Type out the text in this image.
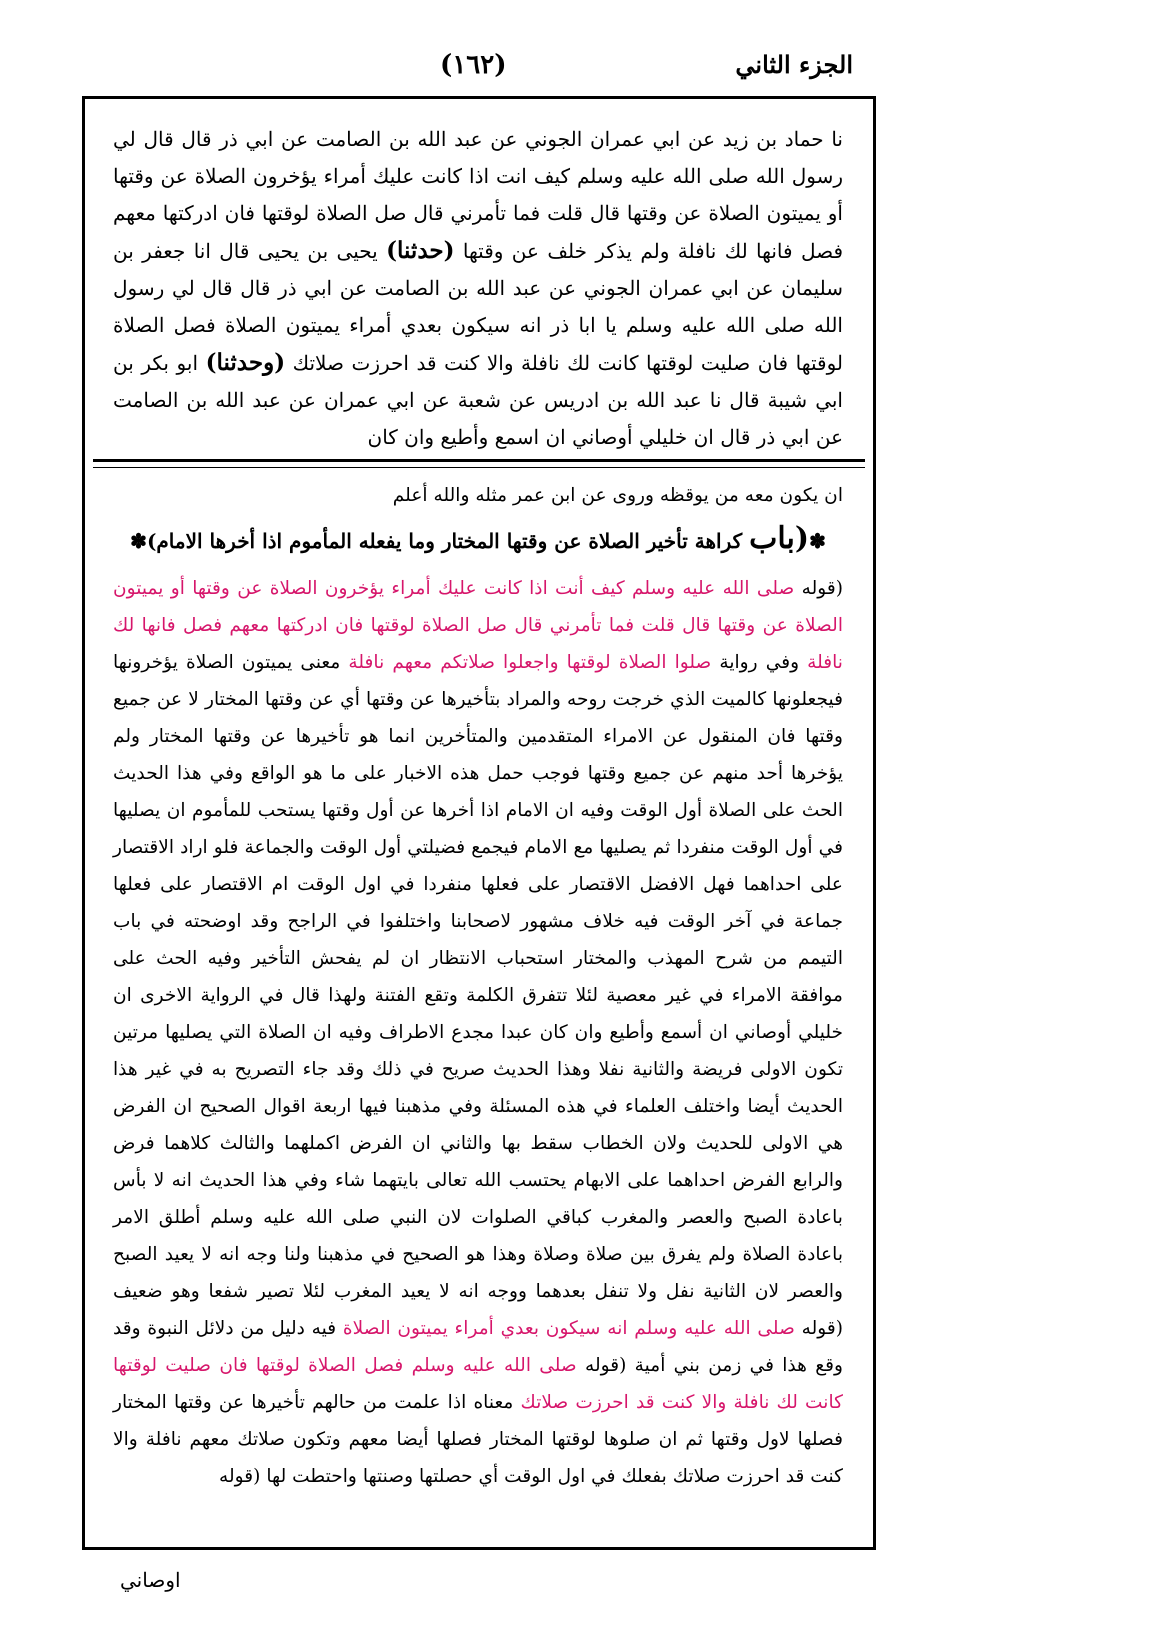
الجزء الثاني
(١٦٢)

نا حماد بن زيد عن ابي عمران الجوني عن عبد الله بن الصامت عن ابي ذر قال قال لي رسول الله صلى الله عليه وسلم كيف انت اذا كانت عليك أمراء يؤخرون الصلاة عن وقتها أو يميتون الصلاة عن وقتها قال قلت فما تأمرني قال صل الصلاة لوقتها فان ادركتها معهم فصل فانها لك نافلة ولم يذكر خلف عن وقتها (حدثنا) يحيى بن يحيى قال انا جعفر بن سليمان عن ابي عمران الجوني عن عبد الله بن الصامت عن ابي ذر قال قال لي رسول الله صلى الله عليه وسلم يا ابا ذر انه سيكون بعدي أمراء يميتون الصلاة فصل الصلاة لوقتها فان صليت لوقتها كانت لك نافلة والا كنت قد احرزت صلاتك (وحدثنا) ابو بكر بن ابي شيبة قال نا عبد الله بن ادريس عن شعبة عن ابي عمران عن عبد الله بن الصامت عن ابي ذر قال ان خليلي أوصاني ان اسمع وأطيع وان كان

ان يكون معه من يوقظه وروى عن ابن عمر مثله والله أعلم

✽(باب كراهة تأخير الصلاة عن وقتها المختار وما يفعله المأموم اذا أخرها الامام)✽

(قوله صلى الله عليه وسلم كيف أنت اذا كانت عليك أمراء يؤخرون الصلاة عن وقتها أو يميتون الصلاة عن وقتها قال قلت فما تأمرني قال صل الصلاة لوقتها فان ادركتها معهم فصل فانها لك نافلة وفي رواية صلوا الصلاة لوقتها واجعلوا صلاتكم معهم نافلة معنى يميتون الصلاة يؤخرونها فيجعلونها كالميت الذي خرجت روحه والمراد بتأخيرها عن وقتها أي عن وقتها المختار لا عن جميع وقتها فان المنقول عن الامراء المتقدمين والمتأخرين انما هو تأخيرها عن وقتها المختار ولم يؤخرها أحد منهم عن جميع وقتها فوجب حمل هذه الاخبار على ما هو الواقع وفي هذا الحديث الحث على الصلاة أول الوقت وفيه ان الامام اذا أخرها عن أول وقتها يستحب للمأموم ان يصليها في أول الوقت منفردا ثم يصليها مع الامام فيجمع فضيلتي أول الوقت والجماعة فلو اراد الاقتصار على احداهما فهل الافضل الاقتصار على فعلها منفردا في اول الوقت ام الاقتصار على فعلها جماعة في آخر الوقت فيه خلاف مشهور لاصحابنا واختلفوا في الراجح وقد اوضحته في باب التيمم من شرح المهذب والمختار استحباب الانتظار ان لم يفحش التأخير وفيه الحث على موافقة الامراء في غير معصية لئلا تتفرق الكلمة وتقع الفتنة ولهذا قال في الرواية الاخرى ان خليلي أوصاني ان أسمع وأطيع وان كان عبدا مجدع الاطراف وفيه ان الصلاة التي يصليها مرتين تكون الاولى فريضة والثانية نفلا وهذا الحديث صريح في ذلك وقد جاء التصريح به في غير هذا الحديث أيضا واختلف العلماء في هذه المسئلة وفي مذهبنا فيها اربعة اقوال الصحيح ان الفرض هي الاولى للحديث ولان الخطاب سقط بها والثاني ان الفرض اكملهما والثالث كلاهما فرض والرابع الفرض احداهما على الابهام يحتسب الله تعالى بايتهما شاء وفي هذا الحديث انه لا بأس باعادة الصبح والعصر والمغرب كباقي الصلوات لان النبي صلى الله عليه وسلم أطلق الامر باعادة الصلاة ولم يفرق بين صلاة وصلاة وهذا هو الصحيح في مذهبنا ولنا وجه انه لا يعيد الصبح والعصر لان الثانية نفل ولا تنفل بعدهما ووجه انه لا يعيد المغرب لئلا تصير شفعا وهو ضعيف (قوله صلى الله عليه وسلم انه سيكون بعدي أمراء يميتون الصلاة فيه دليل من دلائل النبوة وقد وقع هذا في زمن بني أمية (قوله صلى الله عليه وسلم فصل الصلاة لوقتها فان صليت لوقتها كانت لك نافلة والا كنت قد احرزت صلاتك معناه اذا علمت من حالهم تأخيرها عن وقتها المختار فصلها لاول وقتها ثم ان صلوها لوقتها المختار فصلها أيضا معهم وتكون صلاتك معهم نافلة والا كنت قد احرزت صلاتك بفعلك في اول الوقت أي حصلتها وصنتها واحتطت لها (قوله

اوصاني
